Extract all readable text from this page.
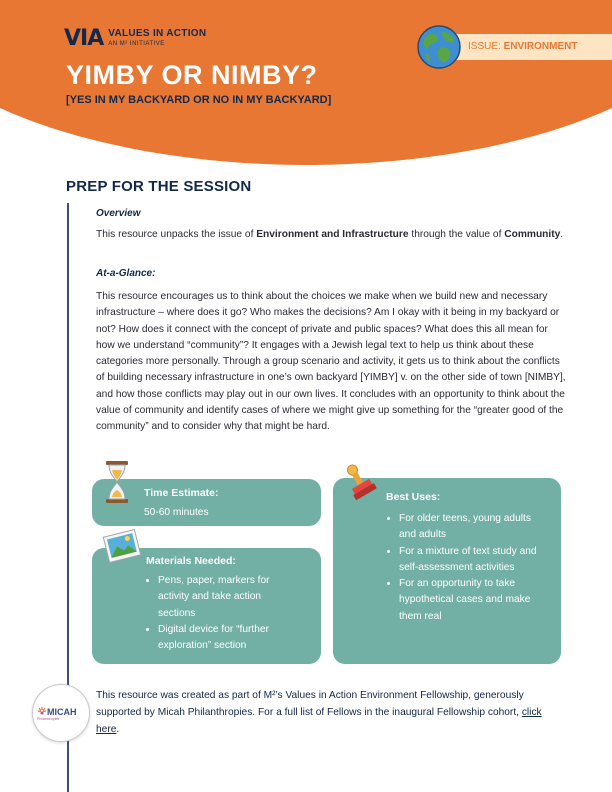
VIA VALUES IN ACTION
AN M² INITIATIVE
YIMBY OR NIMBY?
[YES IN MY BACKYARD OR NO IN MY BACKYARD]
ISSUE: ENVIRONMENT
PREP FOR THE SESSION
Overview
This resource unpacks the issue of Environment and Infrastructure through the value of Community.
At-a-Glance:
This resource encourages us to think about the choices we make when we build new and necessary infrastructure – where does it go? Who makes the decisions? Am I okay with it being in my backyard or not? How does it connect with the concept of private and public spaces? What does this all mean for how we understand “community”? It engages with a Jewish legal text to help us think about these categories more personally. Through a group scenario and activity, it gets us to think about the conflicts of building necessary infrastructure in one’s own backyard [YIMBY] v. on the other side of town [NIMBY], and how those conflicts may play out in our own lives. It concludes with an opportunity to think about the value of community and identify cases of where we might give up something for the “greater good of the community” and to consider why that might be hard.
Time Estimate:
50-60 minutes
Materials Needed:
• Pens, paper, markers for activity and take action sections
• Digital device for “further exploration” section
Best Uses:
• For older teens, young adults and adults
• For a mixture of text study and self-assessment activities
• For an opportunity to take hypothetical cases and make them real
MICAH
Philanthropies
This resource was created as part of M²’s Values in Action Environment Fellowship, generously supported by Micah Philanthropies. For a full list of Fellows in the inaugural Fellowship cohort, click here.
